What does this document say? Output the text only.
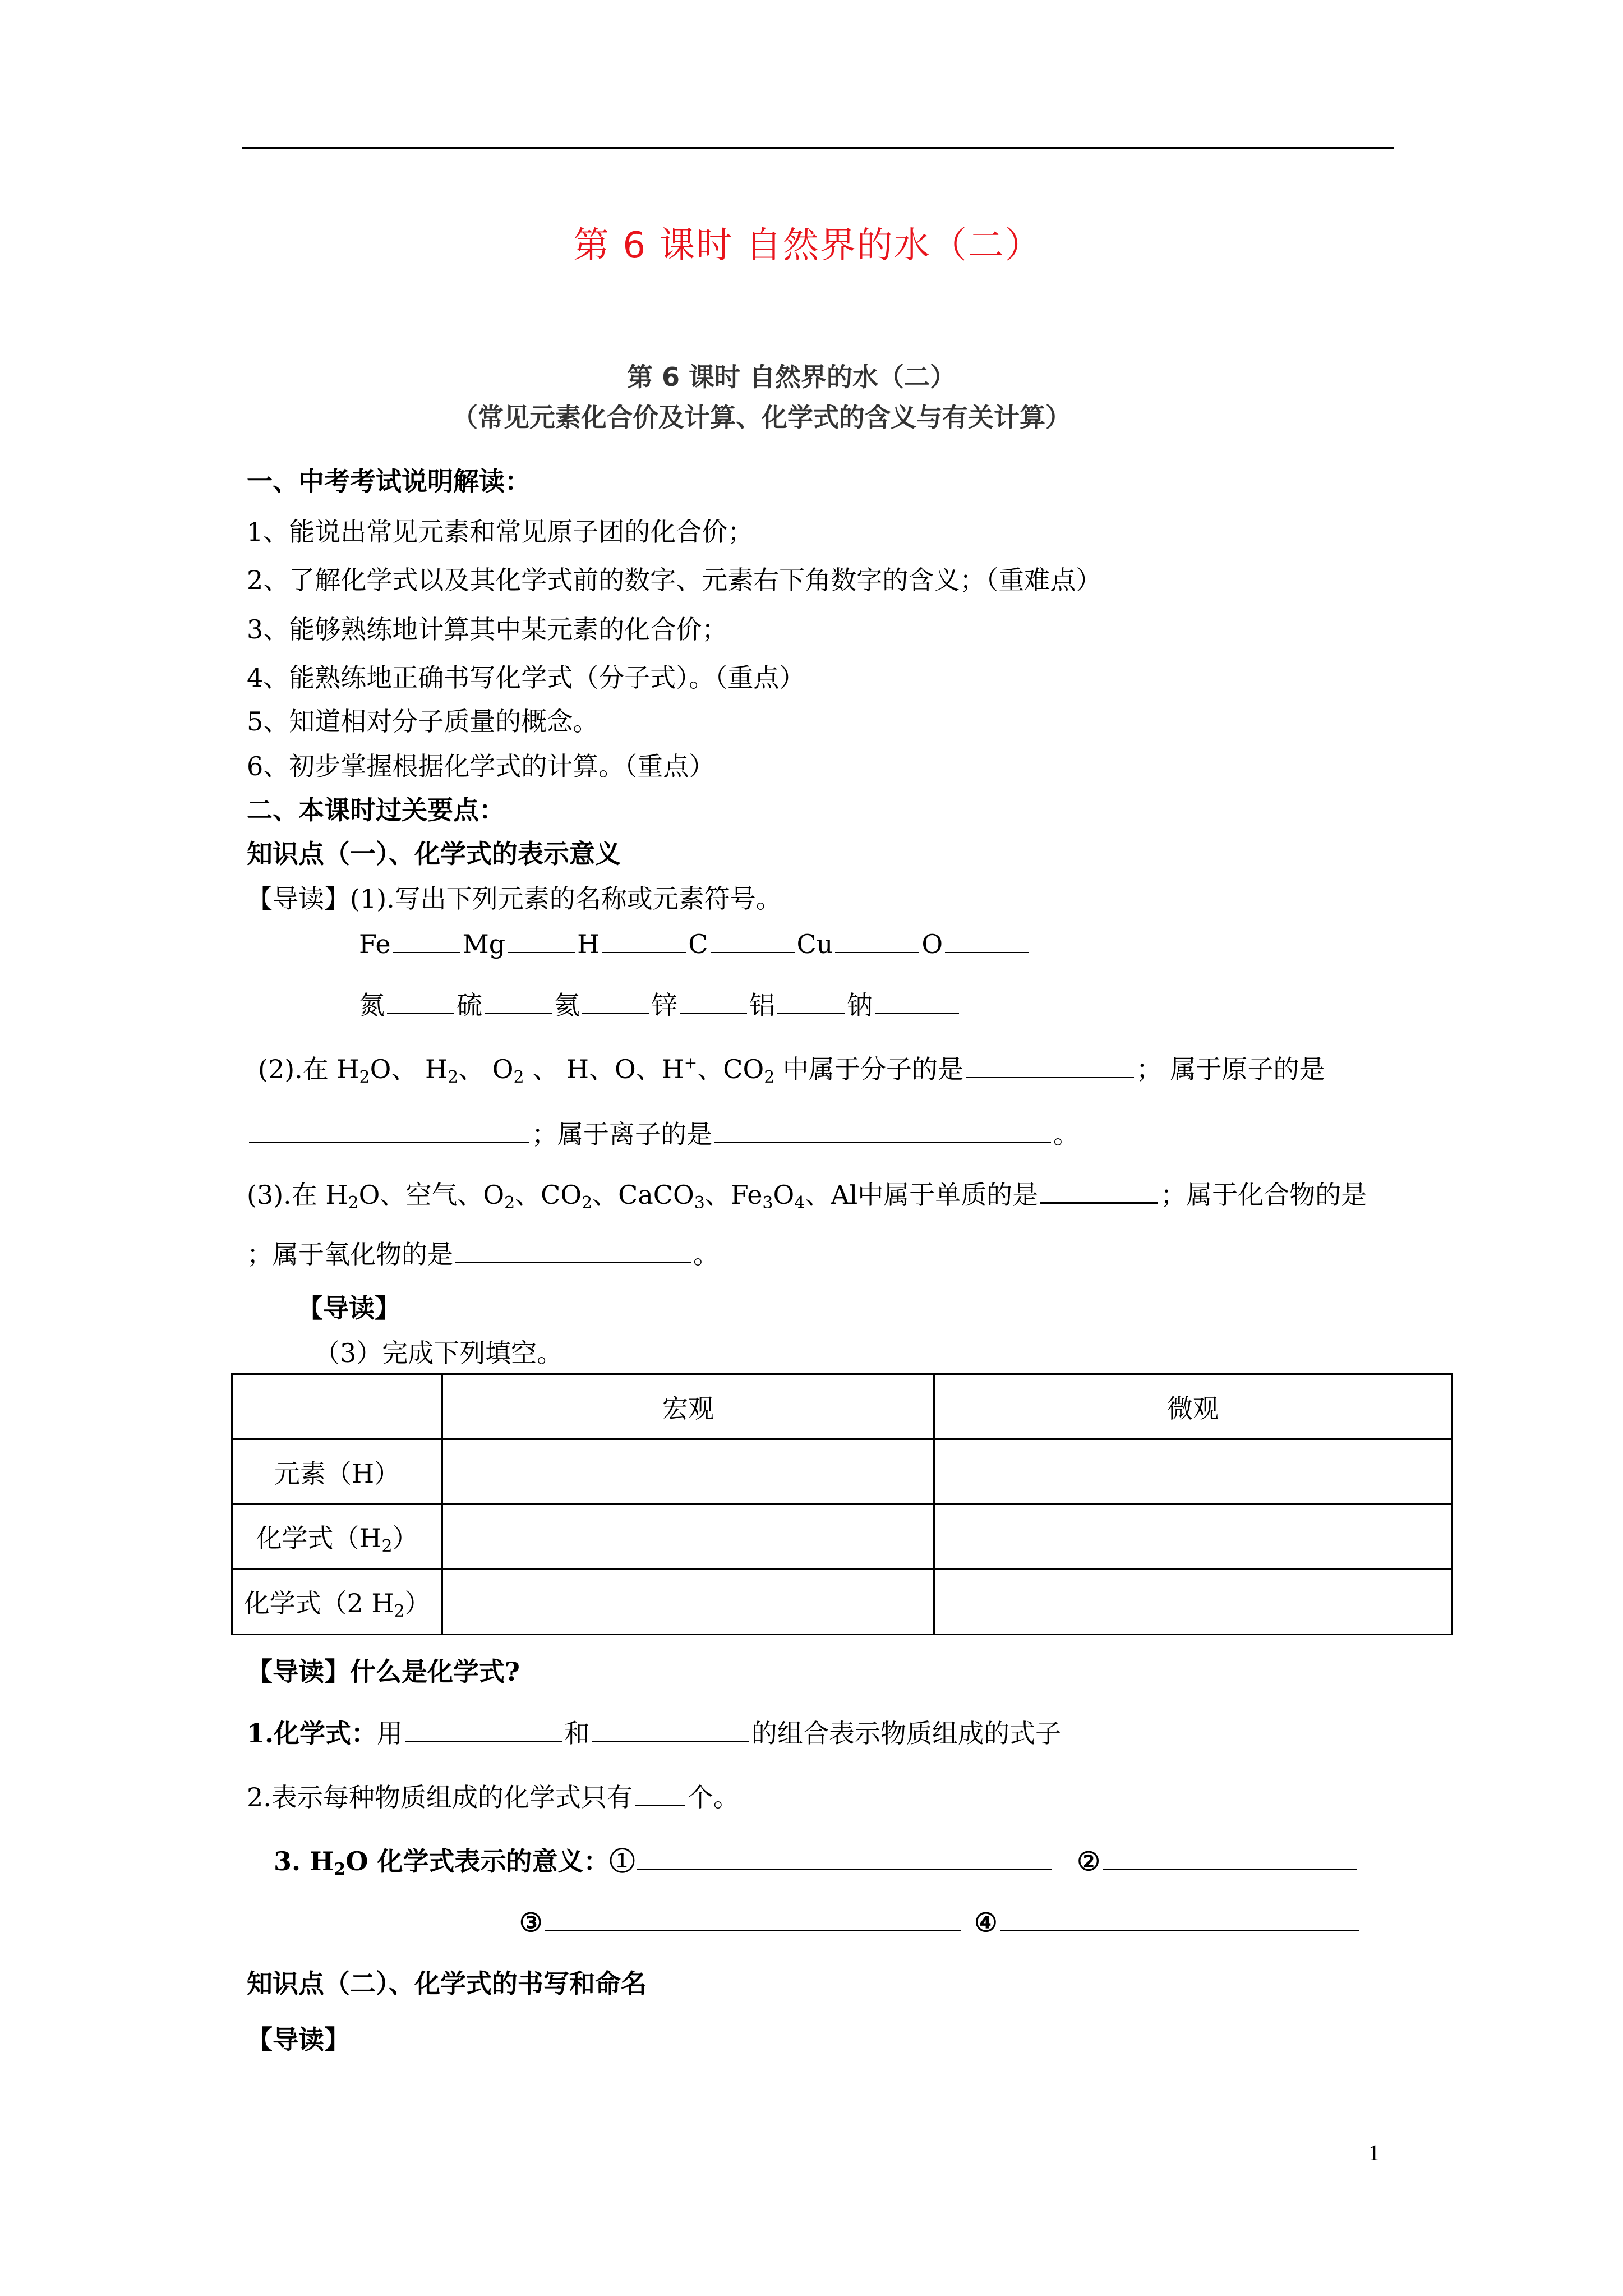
第 6 课时 自然界的水（二）
第 6 课时 自然界的水（二）
（常见元素化合价及计算、化学式的含义与有关计算）
一、中考考试说明解读：
1、能说出常见元素和常见原子团的化合价；
2、了解化学式以及其化学式前的数字、元素右下角数字的含义；（重难点）
3、能够熟练地计算其中某元素的化合价；
4、能熟练地正确书写化学式（分子式）。（重点）
5、知道相对分子质量的概念。
6、初步掌握根据化学式的计算。（重点）
二、本课时过关要点：
知识点（一）、化学式的表示意义
【导读】(1).写出下列元素的名称或元素符号。
Fe	Mg	H	C	Cu	O
氮	硫	氦	锌	铝	钠
(2).在 $H_2O$、 $H_2$、 $O_2$ 、 H、O、H+、$CO_2$ 中属于分子的是	； 属于原子的是
；属于离子的是	。
(3).在 $H_2O$、空气、$O_2$、$CO_2$、CaCO$_3$、$Fe_3O_4$、Al中属于单质的是	；属于化合物的是
；属于氧化物的是	。
【导读】
（3）完成下列填空。
	宏观	微观
元素（H）		
化学式$(H_2)$		
化学式（2 $H_2$）		
【导读】什么是化学式?
1.化学式：用	和	的组合表示物质组成的式子
2.表示每种物质组成的化学式只有 个。
3. $H_2O$ 化学式表示的意义：①	②
③	④
知识点（二）、化学式的书写和命名
【导读】
1
